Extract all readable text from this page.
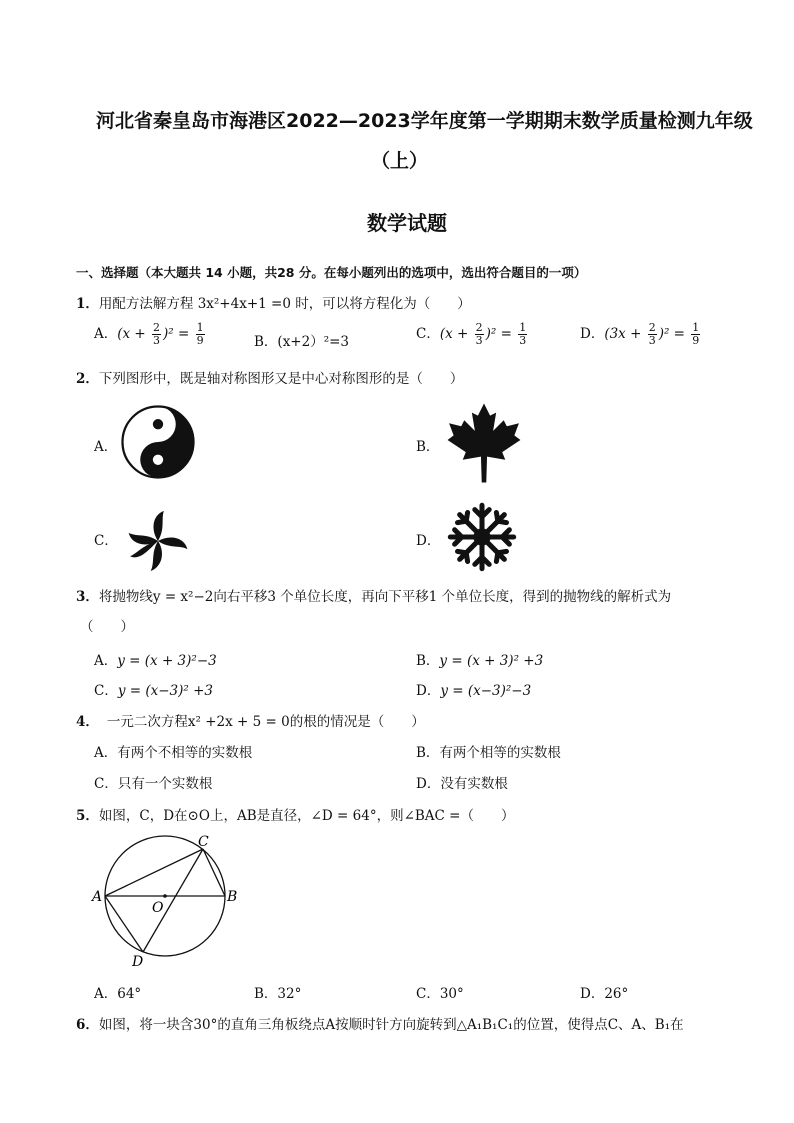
河北省秦皇岛市海港区2022—2023学年度第一学期期末数学质量检测九年级
（上）
数学试题
一、选择题（本大题共 14 小题，共28 分。在每小题列出的选项中，选出符合题目的一项）
1．用配方法解方程 3x²+4x+1 =0 时，可以将方程化为（　　）
A．$(x + \frac{2}{3} )^2 = \frac{1}{9}$	B．(x+2）²=3	C．$(x + \frac{2}{3} )^2 = \frac{1}{3}$	D．$(3x + \frac{2}{3} )^2 = \frac{1}{9}$
2．下列图形中，既是轴对称图形又是中心对称图形的是（　　）
A．	B．
C．	D．
3．将抛物线y = x²−2向右平移3 个单位长度，再向下平移1 个单位长度，得到的抛物线的解析式为
（　　）
A．y = (x + 3)²−3	B．y = (x + 3)² +3
C．y = (x−3)² +3	D．y = (x−3)²−3
4． 一元二次方程x² +2x + 5 = 0的根的情况是（　　）
A．有两个不相等的实数根	B．有两个相等的实数根
C．只有一个实数根	D．没有实数根
5．如图，C，D在⊙O上，AB是直径，∠D = 64°，则∠BAC =（　　）
A	B
C
D
O
A．64°	B．32°	C．30°	D．26°
6．如图，将一块含30°的直角三角板绕点A按顺时针方向旋转到△A₁B₁C₁的位置，使得点C、A、B₁在
